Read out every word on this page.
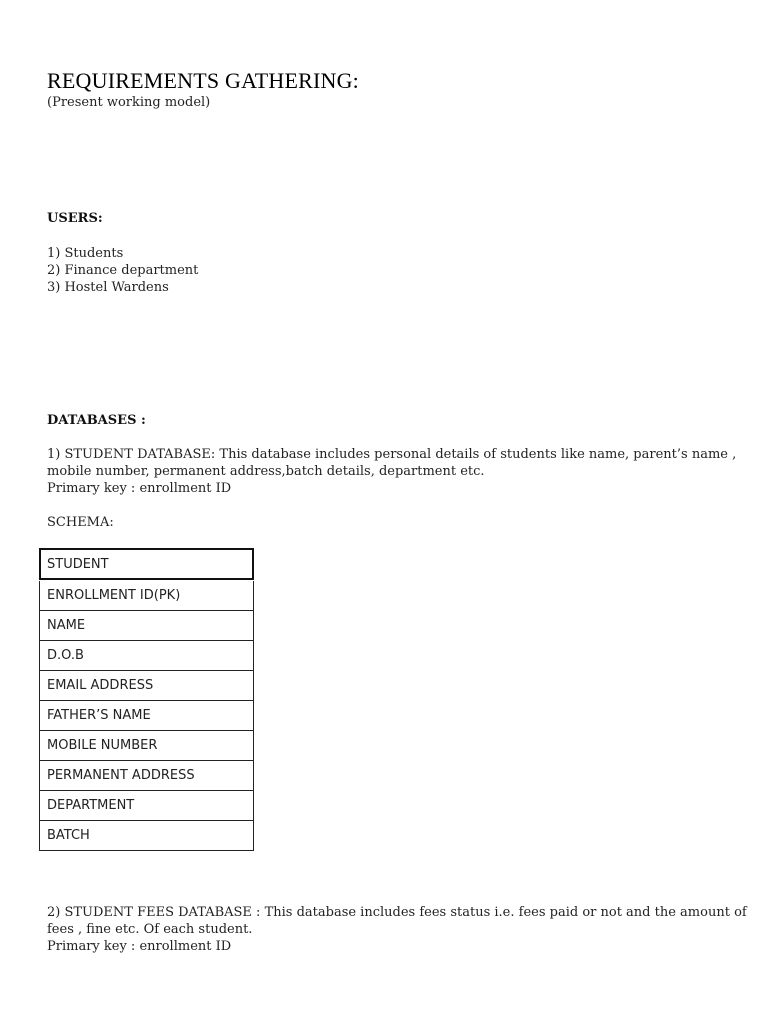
REQUIREMENTS GATHERING:
(Present working model)
USERS:
1) Students
2) Finance department
3) Hostel Wardens
DATABASES :
1) STUDENT DATABASE: This database includes personal details of students like name, parent’s name ,
mobile number, permanent address,batch details, department etc.
Primary key : enrollment ID
SCHEMA:
STUDENT
ENROLLMENT ID(PK)
NAME
D.O.B
EMAIL ADDRESS
FATHER’S NAME
MOBILE NUMBER
PERMANENT ADDRESS
DEPARTMENT
BATCH
2) STUDENT FEES DATABASE : This database includes fees status i.e. fees paid or not and the amount of
fees , fine etc. Of each student.
Primary key : enrollment ID
